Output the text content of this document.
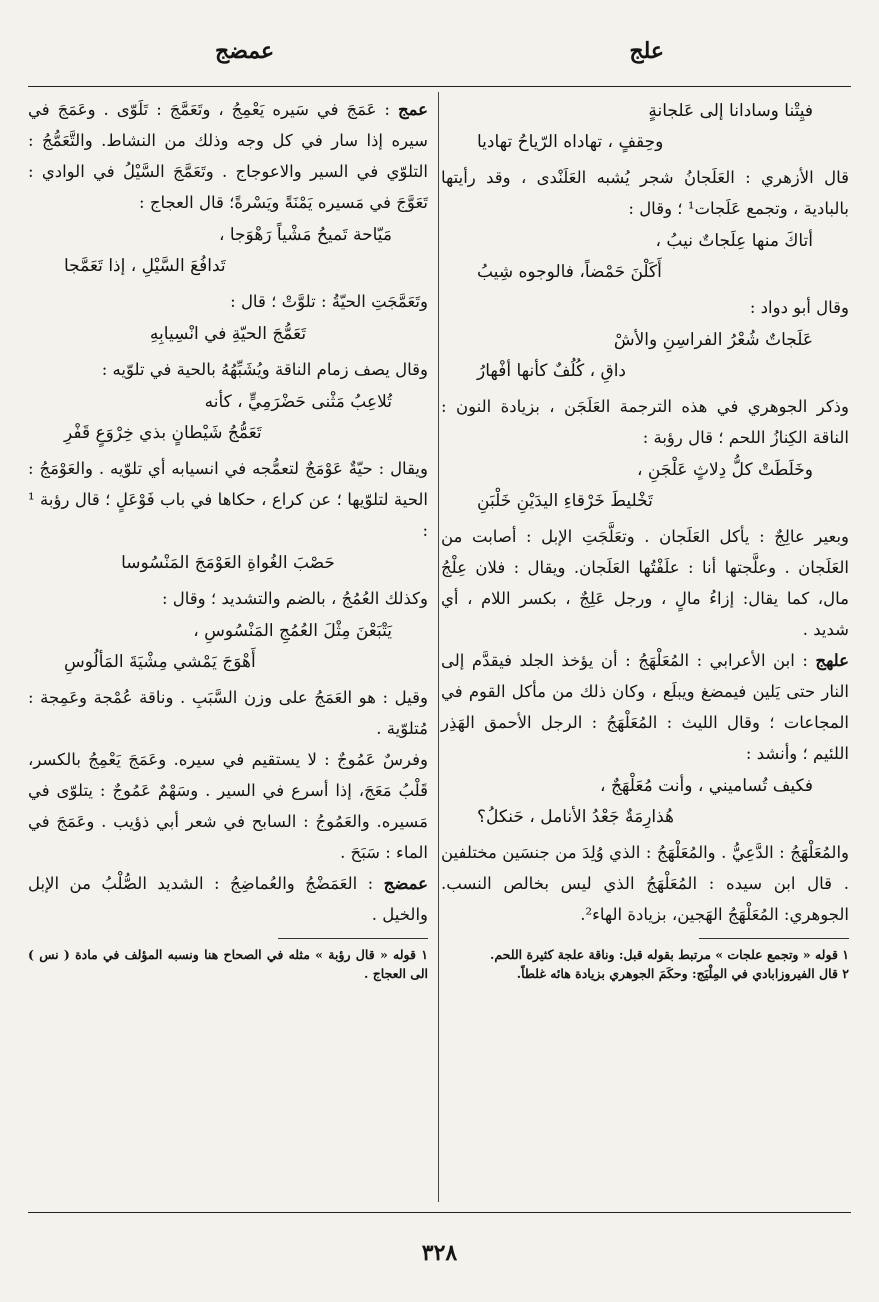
علج
عمضج
فيِتْنا وسادانا إلى عَلجانةٍ
وحِقفٍ ، تهاداه الرّياحُ تهاديا

قال الأزهري : العَلَجانُ شجر يُشبه العَلَنْدى ، وقد رأيتها بالبادية ، وتجمع عَلَجات¹ ؛ وقال :

أتاكَ منها عِلَجاتٌ نيبُ ،
أَكَلْنَ حَمْضاً، فالوجوه شِيبُ

وقال أبو دواد :

عَلَجاتٌ شُعْرُ الفراسِنِ والأشْ
داقِ ، كُلُفٌ كأنها أفْهارُ

وذكر الجوهري في هذه الترجمة العَلَجَن ، بزيادة النون : الناقة الكِنازُ اللحم ؛ قال رؤبة :

وخَلَطَتْ كلُّ دِلاثٍ عَلْجَنِ ،
تَخْليطَ خَرْقاءِ اليدَيْنِ خَلْبَنِ

وبعير عالِجٌ : يأكل العَلَجان . وتعَلَّجَتِ الإبل : أصابت من العَلَجان . وعلَّجتها أنا : علَفْتُها العَلَجان. ويقال : فلان عِلْجُ مال، كما يقال: إزاءُ مالٍ ، ورجل عَلِجٌ ، بكسر اللام ، أي شديد .

علهج : ابن الأعرابي : المُعَلْهَجُ : أن يؤخذ الجلد فيقدَّم إلى النار حتى يَلين فيمضغ ويبلَع ، وكان ذلك من مأكل القوم في المجاعات ؛ وقال الليث : المُعَلْهَجُ : الرجل الأحمق الهَذِر اللئيم ؛ وأنشد :

فكيف تُساميني ، وأنت مُعَلْهَجٌ ،
هُذارِمَةٌ جَعْدُ الأنامل ، حَنكلُ؟

والمُعَلْهَجُ : الدَّعِيُّ . والمُعَلْهَجُ : الذي وُلِدَ من جنسَين مختلفين . قال ابن سيده : المُعَلْهَجُ الذي ليس بخالص النسب. الجوهري: المُعَلْهَجُ الهَجين، بزيادة الهاء².

١ قوله « وتجمع علجات » مرتبط بقوله قبل: وناقة علجة كثيرة اللحم.

٢ قال الفيروزابادي في المِلْيَج: وحكَمَ الجوهري بزيادة هائه غلطاً.

عمج : عَمَجَ في سَيره يَعْمِجُ ، وتَعَمَّجَ : تَلَوّى . وعَمَجَ في سيره إذا سار في كل وجه وذلك من النشاط. والتَّعَمُّجُ : التلوّي في السير والاعوجاج . وتَعَمَّجَ السَّيْلُ في الوادي : تَعَوَّجَ في مَسيره يَمْنَةً ويَسْرةً؛ قال العجاج :

مَيّاحة تَميحُ مَشْياً رَهْوَجا ،
تَدافُعَ السَّيْلِ ، إذا تَعَمَّجا

وتَعَمَّجَتِ الحيّةُ : تلوَّتْ ؛ قال :

تَعَمُّجَ الحيّةِ في انْسِيابِهِ

وقال يصف زمام الناقة ويُشَبِّهُهُ بالحية في تلوّيه :

تُلاعِبُ مَثْنى حَضْرَمِيٍّ ، كأنه
تَعَمُّجُ شَيْطانٍ بذي خِرْوَعٍ قَفْرِ

ويقال : حيّةٌ عَوْمَجٌ لتعمُّجه في انسيابه أي تلوّيه . والعَوْمَجُ : الحية لتلوّيها ؛ عن كراع ، حكاها في باب فَوْعَلٍ ؛ قال رؤبة ¹ :

حَصْبَ الغُواةِ العَوْمَجَ المَنْسُوسا

وكذلك العُمُجُ ، بالضم والتشديد ؛ وقال :

يَتْبَعْنَ مِثْلَ العُمُجِ المَنْسُوسِ ،
أَهْوَجَ يَمْشي مِشْيَةَ المَألُوسِ

وقيل : هو العَمَجُ على وزن السَّبَبِ . وناقة عُمْجة وعَمِجة : مُتلوّية .

وفرسٌ عَمُوجٌ : لا يستقيم في سيره. وعَمَجَ يَعْمِجُ بالكسر، قَلْبُ مَعَجَ، إذا أسرع في السير . وسَهْمٌ عَمُوجٌ : يتلوّى في مَسيره. والعَمُوجُ : السابح في شعر أبي ذؤيب . وعَمَجَ في الماء : سَبَحَ .

عمضج : العَمَضْجُ والعُماضِجُ : الشديد الصُّلْبُ من الإبل والخيل .

١ قوله « قال رؤبة » مثله في الصحاح هنا ونسبه المؤلف في مادة ( نس ) الى العجاج .

٣٢٨
